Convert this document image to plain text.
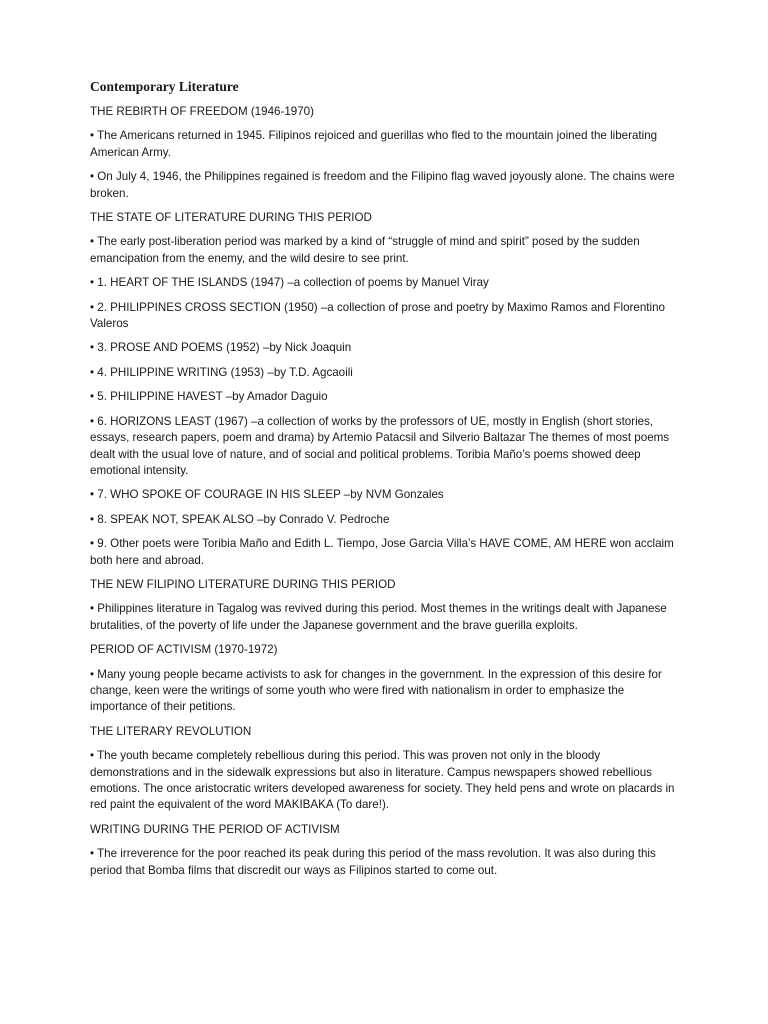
Contemporary Literature
THE REBIRTH OF FREEDOM (1946-1970)
• The Americans returned in 1945. Filipinos rejoiced and guerillas who fled to the mountain joined the liberating American Army.
• On July 4, 1946, the Philippines regained is freedom and the Filipino flag waved joyously alone. The chains were broken.
THE STATE OF LITERATURE DURING THIS PERIOD
• The early post-liberation period was marked by a kind of “struggle of mind and spirit” posed by the sudden emancipation from the enemy, and the wild desire to see print.
• 1. HEART OF THE ISLANDS (1947) –a collection of poems by Manuel Viray
• 2. PHILIPPINES CROSS SECTION (1950) –a collection of prose and poetry by Maximo Ramos and Florentino Valeros
• 3. PROSE AND POEMS (1952) –by Nick Joaquin
• 4. PHILIPPINE WRITING (1953) –by T.D. Agcaoili
• 5. PHILIPPINE HAVEST –by Amador Daguio
• 6. HORIZONS LEAST (1967) –a collection of works by the professors of UE, mostly in English (short stories, essays, research papers, poem and drama) by Artemio Patacsil and Silverio Baltazar The themes of most poems dealt with the usual love of nature, and of social and political problems. Toribia Maño’s poems showed deep emotional intensity.
• 7. WHO SPOKE OF COURAGE IN HIS SLEEP –by NVM Gonzales
• 8. SPEAK NOT, SPEAK ALSO –by Conrado V. Pedroche
• 9. Other poets were Toribia Maño and Edith L. Tiempo, Jose Garcia Villa’s HAVE COME, AM HERE won acclaim both here and abroad.
THE NEW FILIPINO LITERATURE DURING THIS PERIOD
• Philippines literature in Tagalog was revived during this period. Most themes in the writings dealt with Japanese brutalities, of the poverty of life under the Japanese government and the brave guerilla exploits.
PERIOD OF ACTIVISM (1970-1972)
• Many young people became activists to ask for changes in the government. In the expression of this desire for change, keen were the writings of some youth who were fired with nationalism in order to emphasize the importance of their petitions.
THE LITERARY REVOLUTION
• The youth became completely rebellious during this period. This was proven not only in the bloody demonstrations and in the sidewalk expressions but also in literature. Campus newspapers showed rebellious emotions. The once aristocratic writers developed awareness for society. They held pens and wrote on placards in red paint the equivalent of the word MAKIBAKA (To dare!).
WRITING DURING THE PERIOD OF ACTIVISM
• The irreverence for the poor reached its peak during this period of the mass revolution. It was also during this period that Bomba films that discredit our ways as Filipinos started to come out.
